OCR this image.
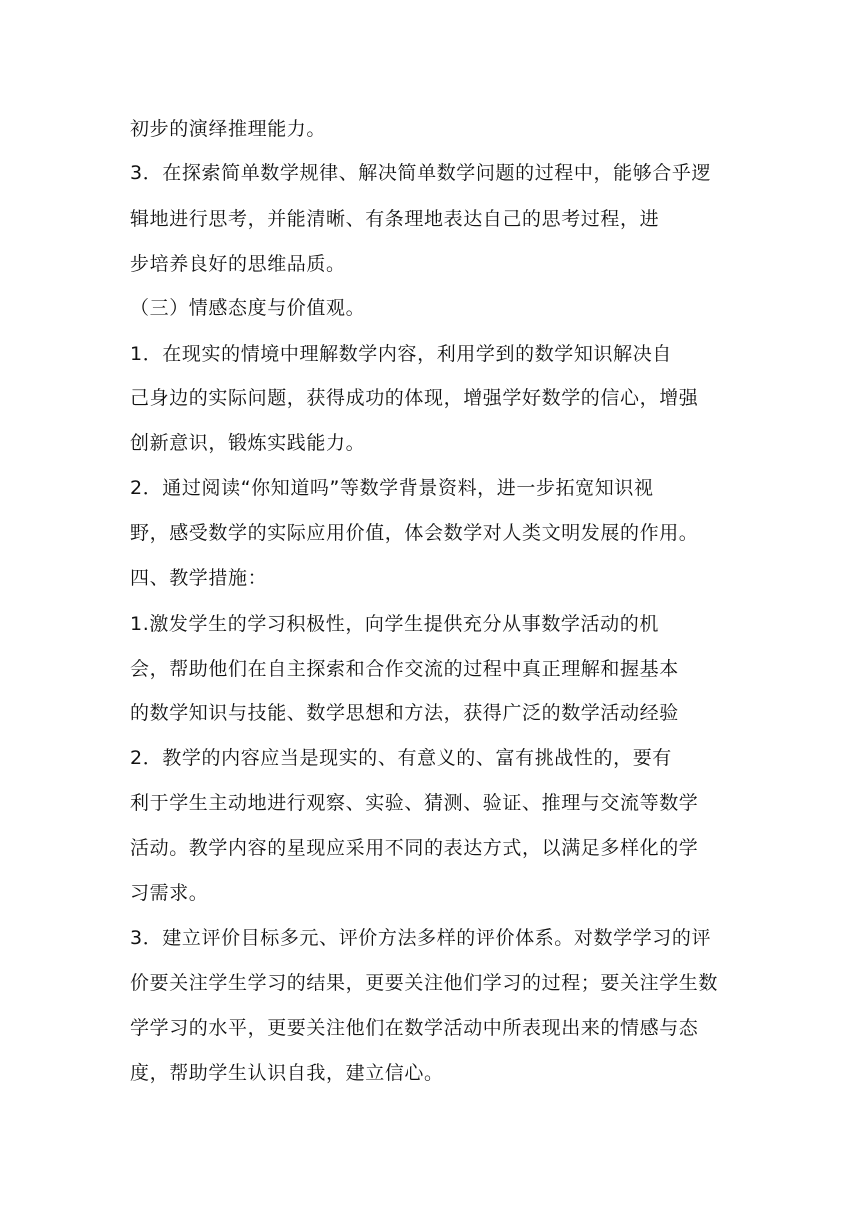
初步的演绎推理能力。
3．在探索简单数学规律、解决简单数学问题的过程中，能够合乎逻
辑地进行思考，并能清晰、有条理地表达自己的思考过程，进
步培养良好的思维品质。
（三）情感态度与价值观。
1．在现实的情境中理解数学内容，利用学到的数学知识解决自
己身边的实际问题，获得成功的体现，增强学好数学的信心，增强
创新意识，锻炼实践能力。
2．通过阅读“你知道吗”等数学背景资料，进一步拓宽知识视
野，感受数学的实际应用价值，体会数学对人类文明发展的作用。
四、教学措施：
1.激发学生的学习积极性，向学生提供充分从事数学活动的机
会，帮助他们在自主探索和合作交流的过程中真正理解和握基本
的数学知识与技能、数学思想和方法，获得广泛的数学活动经验
2．教学的内容应当是现实的、有意义的、富有挑战性的，要有
利于学生主动地进行观察、实验、猜测、验证、推理与交流等数学
活动。教学内容的星现应采用不同的表达方式，以满足多样化的学
习需求。
3．建立评价目标多元、评价方法多样的评价体系。对数学学习的评
价要关注学生学习的结果，更要关注他们学习的过程；要关注学生数
学学习的水平，更要关注他们在数学活动中所表现出来的情感与态
度，帮助学生认识自我，建立信心。
